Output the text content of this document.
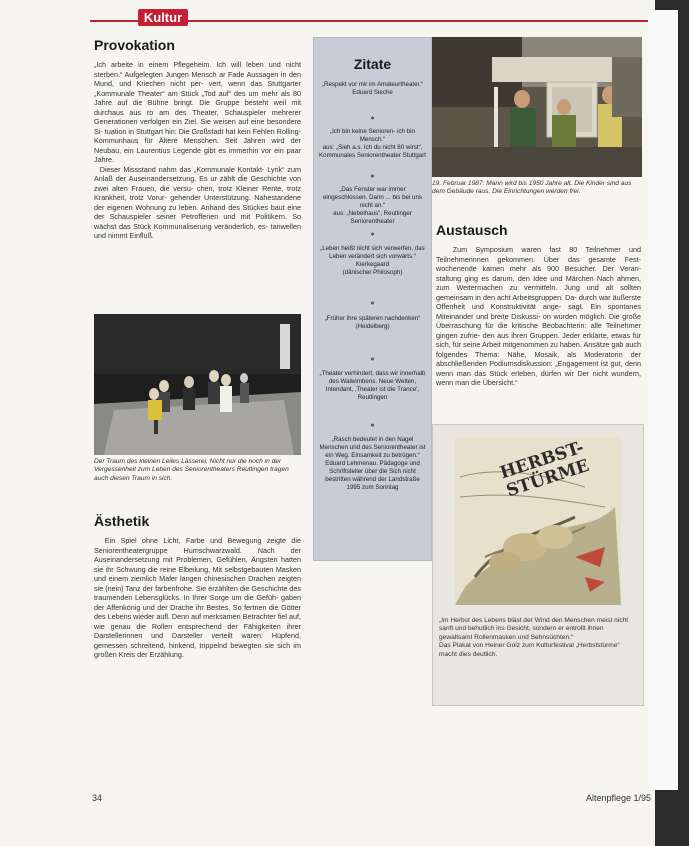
Kultur
Provokation

„Ich arbeite in einem Pflegeheim. Ich will leben und nicht sterben.“ Aufgelegten Jungen Mensch ar Fade Aussagen in den Mund, und Kriechen nicht per- vert, wenn das Stuttgarter „Kommunale Theater“ am Stück „Tod auf“ des um mehr als 80 Jahre auf die Bühne bringt. Die Gruppe besteht weil mit durchaus aus ro am des Theater, Schauspieler mehrerer Generationen verfolgen ein Ziel. Sie weisen auf eine besondere Si- tuation in Stuttgart hin: Die Großstadt hat kein Fehlen Rolling-Kommunhaus für Ältere Menschen. Seit Jahren wird der Neubau, ein Laurentius Legende gibt es immerhin vor ein paar Jahre.
Dieser Missstand nahm das „Kommunale Kontakt- Lyrik“ zum Anlaß der Auseinandersetzung. Es ur zählt die Geschichte von zwei alten Frauen, die versu- chen, trotz Kleiner Rente, trotz Krankheit, trotz Vorur- gehender Unterstützung. Nahestandene der eigenen Wohnung zu leben. Anhand des Stückes baut eine der Schauspieler seiner Petroffenen und mit Politikern. So wächst das Stück Kommunaliserung veränderlich, es- tanwellen und nimmt Einfluß.

Der Traum des kleinen Leiles Lässerei. Nicht nur die noch in der Vergessenheit zum Leben des Seniorentheaters Reutlingen tragen auch diesen Traum in sich.

Ästhetik

Ein Spiel ohne Licht, Farbe und Bewegung zeigte die Seniorentheatergruppe Humschwarzwald. Nach der Auseinandersetzung mit Problemen, Gefühlen, Ängsten hatten sie ihr Schwung die reine Elbeilung, Mit selbstgebauten Masken und einem ziemlich Mafer langen chinesischen Drachen zeigten sie (nein) Tanz der farbenfrohe. Sie erzählten die Geschichte des traumenden Lebensglücks. In Ihrer Sorge um die Gefüh- gaben der Affenkönig und der Drache ihr Bestes. So fertnen die Götter des Lebens wieder aufl. Denn auf merksamen Betrachter fiel auf, wie genau die Rollen entsprechend der Fähigkeiten ihrer Darstellerinnen und Darsteller verteilt waren: Hüpfend, gemessen schreitend, hinkend, trippelnd bewegten sie sich im großen Kreis der Erzählung.

Zitate
„Respekt vor mir im Amateurtheater.“
Eduard Sieche
●
„Ich bin keine Senioren- ich bin Mensch.“
aus: „Sieh a.s. Ich du nicht 80 wirst“, Kommunales Seniorentheater Stuttgart
●
„Das Fenster war immer eingeschlossen. Dann ... bis bei uns nicht an.“
aus: „Nebelhaus“, Reutlinger Seniorentheater
●
„Leben heißt nicht sich verwerfen, das Leben verändert sich vorwärts.“
Kierkegaard
(dänischer Philosoph)
●
„Früher ihre späteren nachdenken“
(Heidelberg)
●
„Theater verhindert, dass wir innerhalb des Walwimbens. Neue Welten, Intendant, ‚Theater ist die Trance‘, Reutlingen
●
„Rasch bedeutet in den Nagel Menschen und des Seniorentheater ist ein Weg. Einsamkeit zu betrügen.“
Eduard Lehmenau. Pädagoge und Schriftsteller über die Sich nicht bestritten während der Landstraße 1995 zum Sonntag

19. Februar 1987: Mann wird bis 1950 Jahre alt. Die Kinder sind aus dem Gebäude raus. Die Einrichtungen werden frei.

Austausch

Zum Symposium waren fast 80 Teilnehmer und Teilnehmerinnen gekommen. Über das gesamte Fest- wochenende kamen mehr als 900 Besucher. Der Veran- staltung ging es darum, den Idee und Märchen Nach ahmen, zum Weitermachen zu vermitteln. Jung und alt sollten gemeinsam in den acht Arbeitsgruppen. Da- durch war äußerste Offenheit und Konstruktivität ange- sagt. Ein spontanes Miteinander und breite Diskussi- on wurden möglich. Die große Überraschung für die kritische Beobachterin: alle Teilnehmer gingen zufrie- den aus ihren Gruppen. Jeder erklärte, etwas für sich, für seine Arbeit mitgenommen zu haben. Ansätze gab auch folgendes Thema: Nähe, Mosaik, als Moderatorin der abschließenden Podiumsdiskussion: „Engagement ist gut, denn wenn man das Stück erleben, dürfen wir Der nicht wundern, wenn man die Übersicht.“

HERBST- STÜRME

„Im Herbst des Lebens bläst der Wind den Menschen meist nicht sanft und behutlich ins Gesicht, sondern er entrollt ihnen gewaltsamt Rollenmasken und Sehnsüchten.“
Das Plakat von Heiner Golz zum Kulturfestival „Herbststürme“ macht dies deutlich.

34	Altenpflege 1/95
